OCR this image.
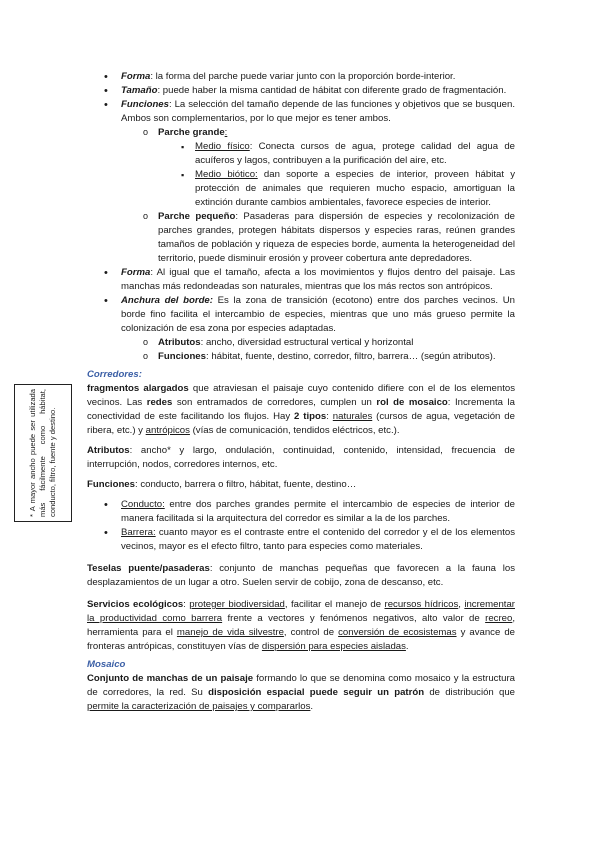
* A mayor ancho puede ser utilizada más fácilmente como hábitat, conducto, filtro, fuente y destino.
• Forma: la forma del parche puede variar junto con la proporción borde-interior.
• Tamaño: puede haber la misma cantidad de hábitat con diferente grado de fragmentación.
• Funciones: La selección del tamaño depende de las funciones y objetivos que se busquen. Ambos son complementarios, por lo que mejor es tener ambos.
o Parche grande:
▪ Medio físico: Conecta cursos de agua, protege calidad del agua de acuíferos y lagos, contribuyen a la purificación del aire, etc.
▪ Medio biótico: dan soporte a especies de interior, proveen hábitat y protección de animales que requieren mucho espacio, amortiguan la extinción durante cambios ambientales, favorece especies de interior.
o Parche pequeño: Pasaderas para dispersión de especies y recolonización de parches grandes, protegen hábitats dispersos y especies raras, reúnen grandes tamaños de población y riqueza de especies borde, aumenta la heterogeneidad del territorio, puede disminuir erosión y proveer cobertura ante depredadores.
• Forma: Al igual que el tamaño, afecta a los movimientos y flujos dentro del paisaje. Las manchas más redondeadas son naturales, mientras que los más rectos son antrópicos.
• Anchura del borde: Es la zona de transición (ecotono) entre dos parches vecinos. Un borde fino facilita el intercambio de especies, mientras que uno más grueso permite la colonización de esa zona por especies adaptadas.
o Atributos: ancho, diversidad estructural vertical y horizontal
o Funciones: hábitat, fuente, destino, corredor, filtro, barrera… (según atributos).
Corredores:

fragmentos alargados que atraviesan el paisaje cuyo contenido difiere con el de los elementos vecinos. Las redes son entramados de corredores, cumplen un rol de mosaico: Incrementa la conectividad de este facilitando los flujos. Hay 2 tipos: naturales (cursos de agua, vegetación de ribera, etc.) y antrópicos (vías de comunicación, tendidos eléctricos, etc.).

Atributos: ancho* y largo, ondulación, continuidad, contenido, intensidad, frecuencia de interrupción, nodos, corredores internos, etc.

Funciones: conducto, barrera o filtro, hábitat, fuente, destino…

• Conducto: entre dos parches grandes permite el intercambio de especies de interior de manera facilitada si la arquitectura del corredor es similar a la de los parches.
• Barrera: cuanto mayor es el contraste entre el contenido del corredor y el de los elementos vecinos, mayor es el efecto filtro, tanto para especies como materiales.

Teselas puente/pasaderas: conjunto de manchas pequeñas que favorecen a la fauna los desplazamientos de un lugar a otro. Suelen servir de cobijo, zona de descanso, etc.

Servicios ecológicos: proteger biodiversidad, facilitar el manejo de recursos hídricos, incrementar la productividad como barrera frente a vectores y fenómenos negativos, alto valor de recreo, herramienta para el manejo de vida silvestre, control de conversión de ecosistemas y avance de fronteras antrópicas, constituyen vías de dispersión para especies aisladas.

Mosaico

Conjunto de manchas de un paisaje formando lo que se denomina como mosaico y la estructura de corredores, la red. Su disposición espacial puede seguir un patrón de distribución que permite la caracterización de paisajes y compararlos.
